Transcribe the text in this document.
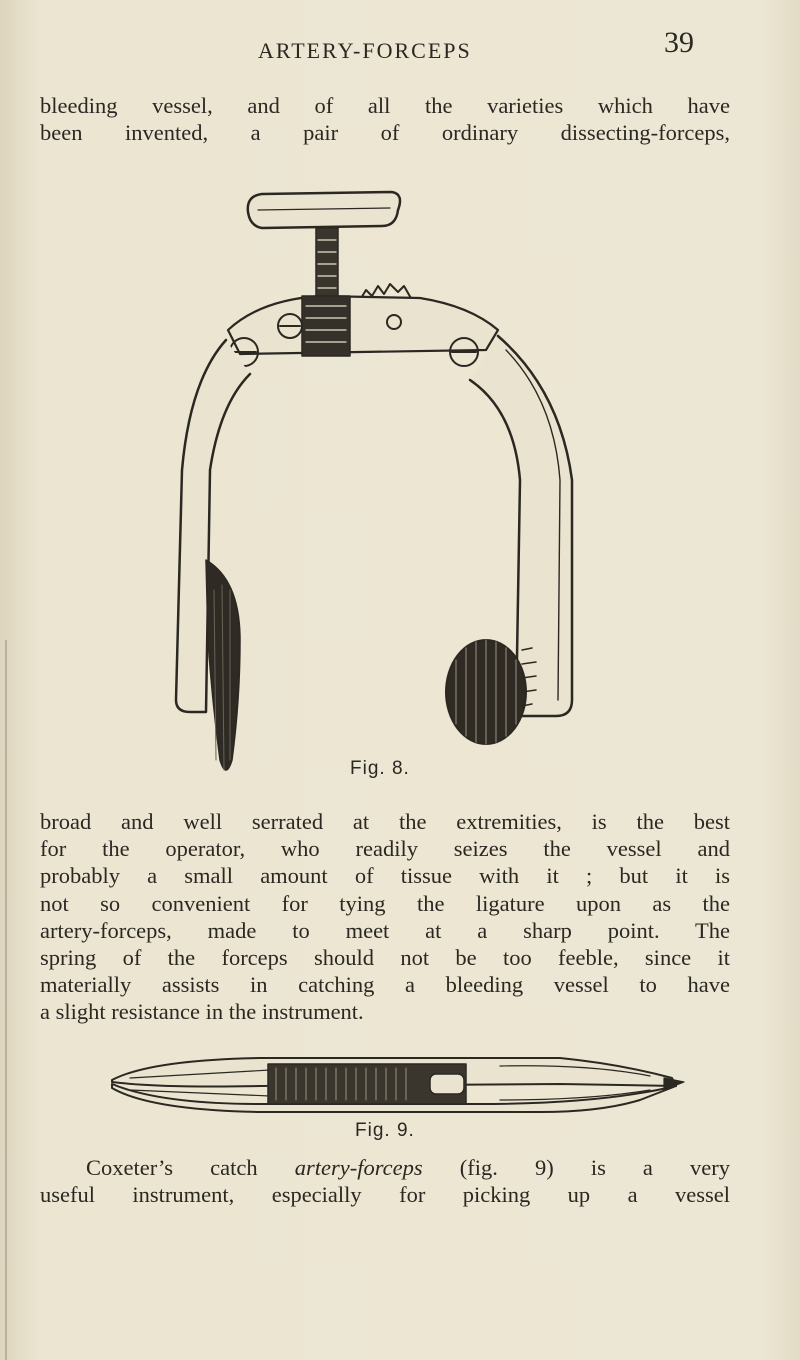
ARTERY-FORCEPS	39

bleeding vessel, and of all the varieties which have
been invented, a pair of ordinary dissecting-forceps,

Fig. 8.

broad and well serrated at the extremities, is the best
for the operator, who readily seizes the vessel and
probably a small amount of tissue with it ; but it is
not so convenient for tying the ligature upon as the
artery-forceps, made to meet at a sharp point. The
spring of the forceps should not be too feeble, since it
materially assists in catching a bleeding vessel to have
a slight resistance in the instrument.

Fig. 9.

Coxeter’s catch artery-forceps (fig. 9) is a very
useful instrument, especially for picking up a vessel
